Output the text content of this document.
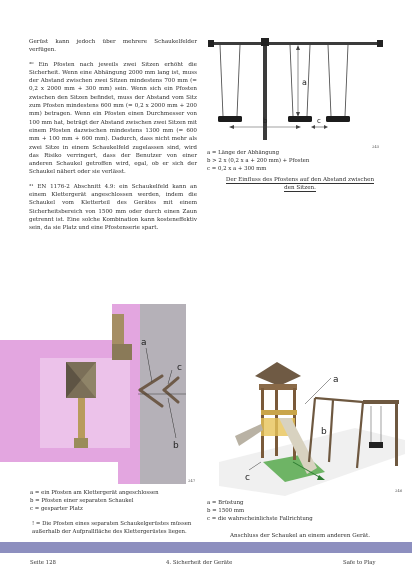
Gerüst kann jedoch über mehrere Schaukelfelder verfügen.

³⁰ Ein Pfosten nach jeweils zwei Sitzen erhöht die Sicherheit. Wenn eine Abhängung 2000 mm lang ist, muss der Abstand zwischen zwei Sitzen mindestens 700 mm (= 0,2 x 2000 mm + 300 mm) sein. Wenn sich ein Pfosten zwischen den Sitzen befindet, muss der Abstand vom Sitz zum Pfosten mindestens 600 mm (= 0,2 x 2000 mm + 200 mm) betragen. Wenn ein Pfosten einen Durchmesser von 100 mm hat, beträgt der Abstand zwischen zwei Sitzen mit einem Pfosten dazwischen mindestens 1300 mm (= 600 mm + 100 mm + 600 mm). Dadurch, dass nicht mehr als zwei Sitze in einem Schaukelfeld zugelassen sind, wird das Risiko verringert, dass der Benutzer von einer anderen Schaukel getroffen wird, egal, ob er sich der Schaukel nähert oder sie verlässt.

³¹ EN 1176-2 Abschnitt 4.9: ein Schaukelfeld kann an einem Klettergerät angeschlossen werden, indem die Schaukel vom Kletterteil des Gerätes mit einem Sicherheitsbereich von 1500 mm oder durch einen Zaun getrennt ist. Eine solche Kombination kann kosteneffektiv sein, da sie Platz und eine Pfostenserie spart.

a
b	c
245
a = Länge der Abhängung
b > 2 x (0,2 x a + 200 mm) + Pfosten
c = 0,2 x a + 300 mm
Der Einfluss des Pfostens auf den Abstand zwischen den Sitzen.
a
c
b
247
a = ein Pfosten am Klettergerät angeschlossen
b = Pfosten einer separaten Schaukel
c = gesparter Platz
! = Die Pfosten eines separaten Schaukelgerüstes müssen außerhalb der Aufprallfläche des Klettergerüstes liegen.
a
b
c
246
a = Brüstung
b = 1500 mm
c = die wahrscheinlichste Fallrichtung
Anschluss der Schaukel an einem anderen Gerät.
Seite 128	4. Sicherheit der Geräte	Safe to Play
